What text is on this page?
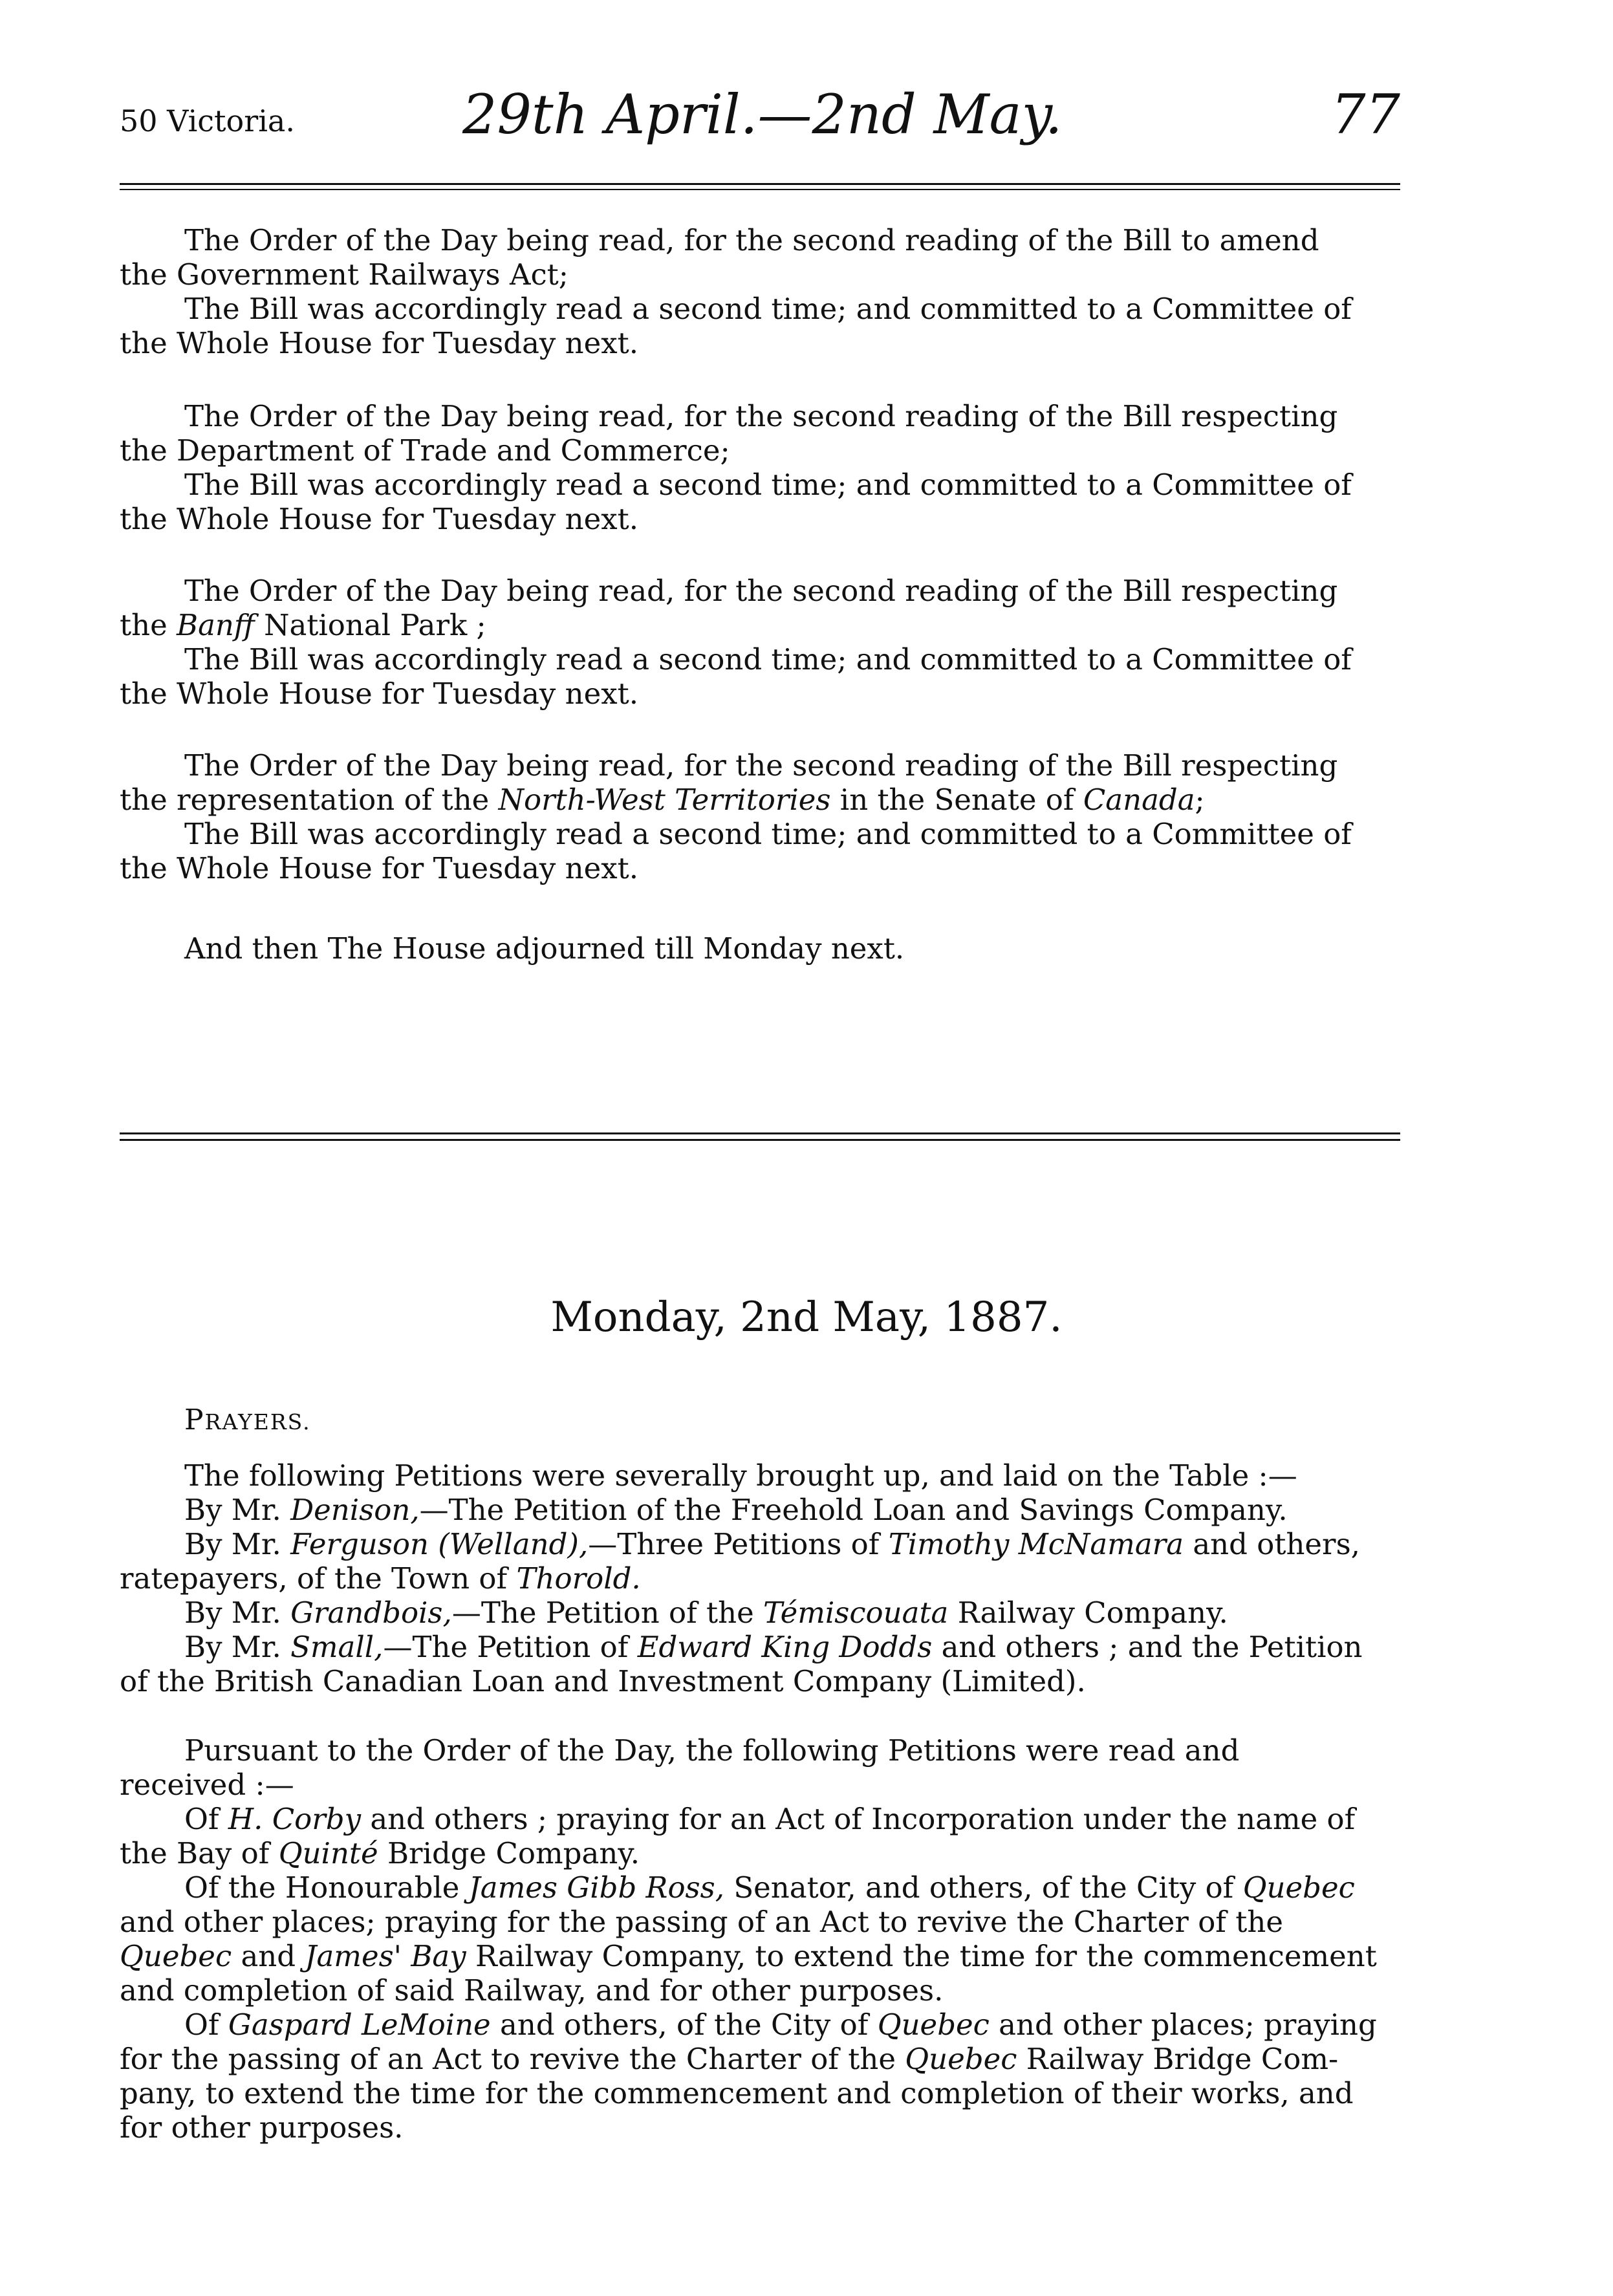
50 Victoria.	29th April.—2nd May.	77
The Order of the Day being read, for the second reading of the Bill to amend
the Government Railways Act;
The Bill was accordingly read a second time; and committed to a Committee of
the Whole House for Tuesday next.
The Order of the Day being read, for the second reading of the Bill respecting
the Department of Trade and Commerce;
The Bill was accordingly read a second time; and committed to a Committee of
the Whole House for Tuesday next.
The Order of the Day being read, for the second reading of the Bill respecting
the Banff National Park ;
The Bill was accordingly read a second time; and committed to a Committee of
the Whole House for Tuesday next.
The Order of the Day being read, for the second reading of the Bill respecting
the representation of the North-West Territories in the Senate of Canada;
The Bill was accordingly read a second time; and committed to a Committee of
the Whole House for Tuesday next.
And then The House adjourned till Monday next.
Monday, 2nd May, 1887.
PRAYERS.
The following Petitions were severally brought up, and laid on the Table :—
By Mr. Denison,—The Petition of the Freehold Loan and Savings Company.
By Mr. Ferguson (Welland),—Three Petitions of Timothy McNamara and others,
ratepayers, of the Town of Thorold.
By Mr. Grandbois,—The Petition of the Témiscouata Railway Company.
By Mr. Small,—The Petition of Edward King Dodds and others ; and the Petition
of the British Canadian Loan and Investment Company (Limited).
Pursuant to the Order of the Day, the following Petitions were read and
received :—
Of H. Corby and others ; praying for an Act of Incorporation under the name of
the Bay of Quinté Bridge Company.
Of the Honourable James Gibb Ross, Senator, and others, of the City of Quebec
and other places; praying for the passing of an Act to revive the Charter of the
Quebec and James' Bay Railway Company, to extend the time for the commencement
and completion of said Railway, and for other purposes.
Of Gaspard LeMoine and others, of the City of Quebec and other places; praying
for the passing of an Act to revive the Charter of the Quebec Railway Bridge Com-
pany, to extend the time for the commencement and completion of their works, and
for other purposes.
